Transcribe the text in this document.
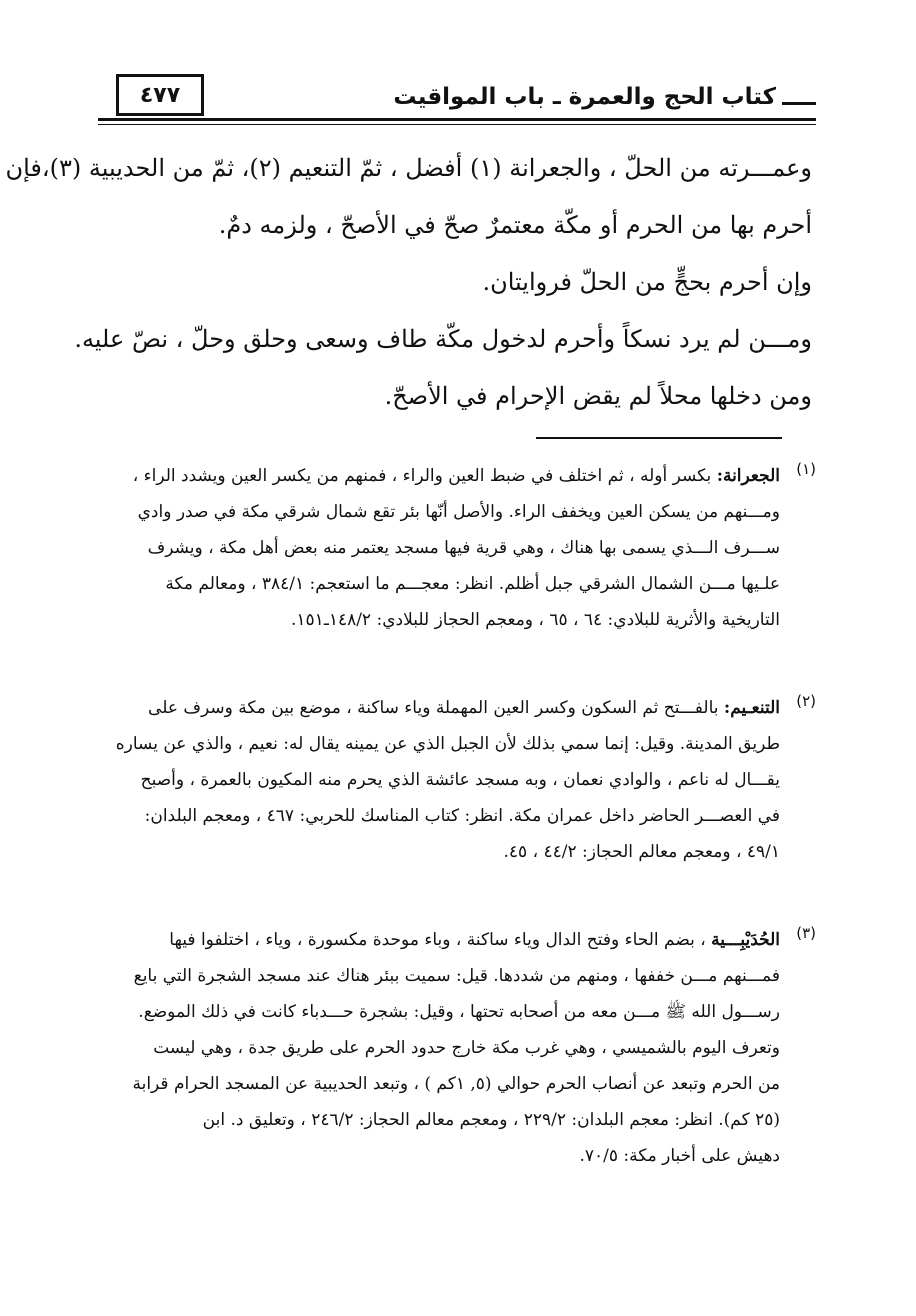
٤٧٧	كتاب الحج والعمرة ـ باب المواقيت

وعمـــرته من الحلّ ، والجعرانة (١) أفضل ، ثمّ التنعيم (٢)، ثمّ من الحديبية (٣)،فإن

أحرم بها من الحرم أو مكّة معتمرٌ صحّ في الأصحّ ، ولزمه دمٌ.

وإن أحرم بحجٍّ من الحلّ فروايتان.

ومـــن لم يرد نسكاً وأحرم لدخول مكّة طاف وسعى وحلق وحلّ ، نصّ عليه.

ومن دخلها محلاً لم يقض الإحرام في الأصحّ.

(١)
الجعرانة: بكسر أوله ، ثم اختلف في ضبط العين والراء ، فمنهم من يكسر العين ويشدد الراء ،
ومـــنهم من يسكن العين ويخفف الراء. والأصل أنّها بئر تقع شمال شرقي مكة في صدر وادي
ســـرف الـــذي يسمى بها هناك ، وهي قرية فيها مسجد يعتمر منه بعض أهل مكة ، ويشرف
علـيها مـــن الشمال الشرقي جبل أظلم. انظر: معجـــم ما استعجم: ٣٨٤/١ ، ومعالم مكة
التاريخية والأثرية للبلادي: ٦٤ ، ٦٥ ، ومعجم الحجاز للبلادي: ١٤٨/٢ـ١٥١.
(٢)
التنعـيم: بالفـــتح ثم السكون وكسر العين المهملة وياء ساكنة ، موضع بين مكة وسرف على
طريق المدينة. وقيل: إنما سمي بذلك لأن الجبل الذي عن يمينه يقال له: نعيم ، والذي عن يساره
يقـــال له ناعم ، والوادي نعمان ، وبه مسجد عائشة الذي يحرم منه المكيون بالعمرة ، وأصبح
في العصـــر الحاضر داخل عمران مكة. انظر: كتاب المناسك للحربي: ٤٦٧ ، ومعجم البلدان:
٤٩/١ ، ومعجم معالم الحجاز: ٤٤/٢ ، ٤٥.
(٣)
الحُدَيْبِـــية ، بضم الحاء وفتح الدال وياء ساكنة ، وباء موحدة مكسورة ، وياء ، اختلفوا فيها
فمـــنهم مـــن خففها ، ومنهم من شددها. قيل: سميت ببئر هناك عند مسجد الشجرة التي بايع
رســـول الله ﷺ مـــن معه من أصحابه تحتها ، وقيل: بشجرة حـــدباء كانت في ذلك الموضع.
وتعرف اليوم بالشميسي ، وهي غرب مكة خارج حدود الحرم على طريق جدة ، وهي ليست
من الحرم وتبعد عن أنصاب الحرم حوالي (٥, ١كم ) ، وتبعد الحديبية عن المسجد الحرام قرابة
(٢٥ كم). انظر: معجم البلدان: ٢٢٩/٢ ، ومعجم معالم الحجاز: ٢٤٦/٢ ، وتعليق د. ابن
دهيش على أخبار مكة: ٧٠/٥.
